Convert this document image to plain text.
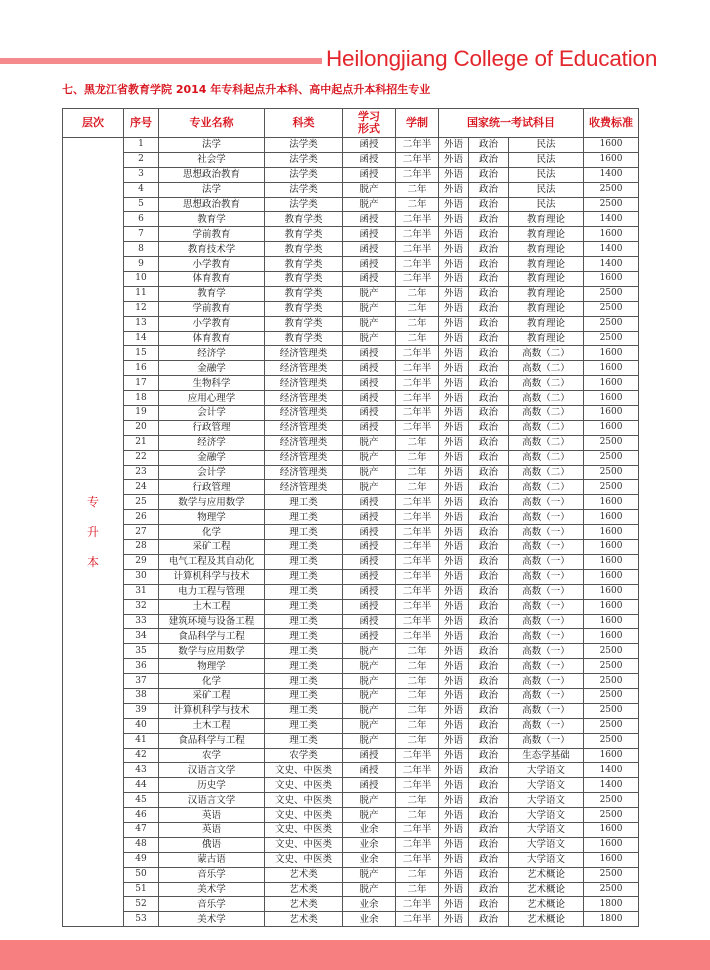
Heilongjiang College of Education
七、黑龙江省教育学院 2014 年专科起点升本科、高中起点升本科招生专业
层次	序号	专业名称	科类	学习
形式	学制	国家统一考试科目			收费标准

专
升
本	1	法学	法学类	函授	二年半	外语	政治	民法	1600
	2	社会学	法学类	函授	二年半	外语	政治	民法	1600
	3	思想政治教育	法学类	函授	二年半	外语	政治	民法	1400
	4	法学	法学类	脱产	二年	外语	政治	民法	2500
	5	思想政治教育	法学类	脱产	二年	外语	政治	民法	2500
	6	教育学	教育学类	函授	二年半	外语	政治	教育理论	1400
	7	学前教育	教育学类	函授	二年半	外语	政治	教育理论	1600
	8	教育技术学	教育学类	函授	二年半	外语	政治	教育理论	1400
	9	小学教育	教育学类	函授	二年半	外语	政治	教育理论	1400
	10	体育教育	教育学类	函授	二年半	外语	政治	教育理论	1600
	11	教育学	教育学类	脱产	二年	外语	政治	教育理论	2500
	12	学前教育	教育学类	脱产	二年	外语	政治	教育理论	2500
	13	小学教育	教育学类	脱产	二年	外语	政治	教育理论	2500
	14	体育教育	教育学类	脱产	二年	外语	政治	教育理论	2500
	15	经济学	经济管理类	函授	二年半	外语	政治	高数（二）	1600
	16	金融学	经济管理类	函授	二年半	外语	政治	高数（二）	1600
	17	生物科学	经济管理类	函授	二年半	外语	政治	高数（二）	1600
	18	应用心理学	经济管理类	函授	二年半	外语	政治	高数（二）	1600
	19	会计学	经济管理类	函授	二年半	外语	政治	高数（二）	1600
	20	行政管理	经济管理类	函授	二年半	外语	政治	高数（二）	1600
	21	经济学	经济管理类	脱产	二年	外语	政治	高数（二）	2500
	22	金融学	经济管理类	脱产	二年	外语	政治	高数（二）	2500
	23	会计学	经济管理类	脱产	二年	外语	政治	高数（二）	2500
	24	行政管理	经济管理类	脱产	二年	外语	政治	高数（二）	2500
	25	数学与应用数学	理工类	函授	二年半	外语	政治	高数（一）	1600
	26	物理学	理工类	函授	二年半	外语	政治	高数（一）	1600
	27	化学	理工类	函授	二年半	外语	政治	高数（一）	1600
	28	采矿工程	理工类	函授	二年半	外语	政治	高数（一）	1600
	29	电气工程及其自动化	理工类	函授	二年半	外语	政治	高数（一）	1600
	30	计算机科学与技术	理工类	函授	二年半	外语	政治	高数（一）	1600
	31	电力工程与管理	理工类	函授	二年半	外语	政治	高数（一）	1600
	32	土木工程	理工类	函授	二年半	外语	政治	高数（一）	1600
	33	建筑环境与设备工程	理工类	函授	二年半	外语	政治	高数（一）	1600
	34	食品科学与工程	理工类	函授	二年半	外语	政治	高数（一）	1600
	35	数学与应用数学	理工类	脱产	二年	外语	政治	高数（一）	2500
	36	物理学	理工类	脱产	二年	外语	政治	高数（一）	2500
	37	化学	理工类	脱产	二年	外语	政治	高数（一）	2500
	38	采矿工程	理工类	脱产	二年	外语	政治	高数（一）	2500
	39	计算机科学与技术	理工类	脱产	二年	外语	政治	高数（一）	2500
	40	土木工程	理工类	脱产	二年	外语	政治	高数（一）	2500
	41	食品科学与工程	理工类	脱产	二年	外语	政治	高数（一）	2500
	42	农学	农学类	函授	二年半	外语	政治	生态学基础	1600
	43	汉语言文学	文史、中医类	函授	二年半	外语	政治	大学语文	1400
	44	历史学	文史、中医类	函授	二年半	外语	政治	大学语文	1400
	45	汉语言文学	文史、中医类	脱产	二年	外语	政治	大学语文	2500
	46	英语	文史、中医类	脱产	二年	外语	政治	大学语文	2500
	47	英语	文史、中医类	业余	二年半	外语	政治	大学语文	1600
	48	俄语	文史、中医类	业余	二年半	外语	政治	大学语文	1600
	49	蒙古语	文史、中医类	业余	二年半	外语	政治	大学语文	1600
	50	音乐学	艺术类	脱产	二年	外语	政治	艺术概论	2500
	51	美术学	艺术类	脱产	二年	外语	政治	艺术概论	2500
	52	音乐学	艺术类	业余	二年半	外语	政治	艺术概论	1800
	53	美术学	艺术类	业余	二年半	外语	政治	艺术概论	1800
